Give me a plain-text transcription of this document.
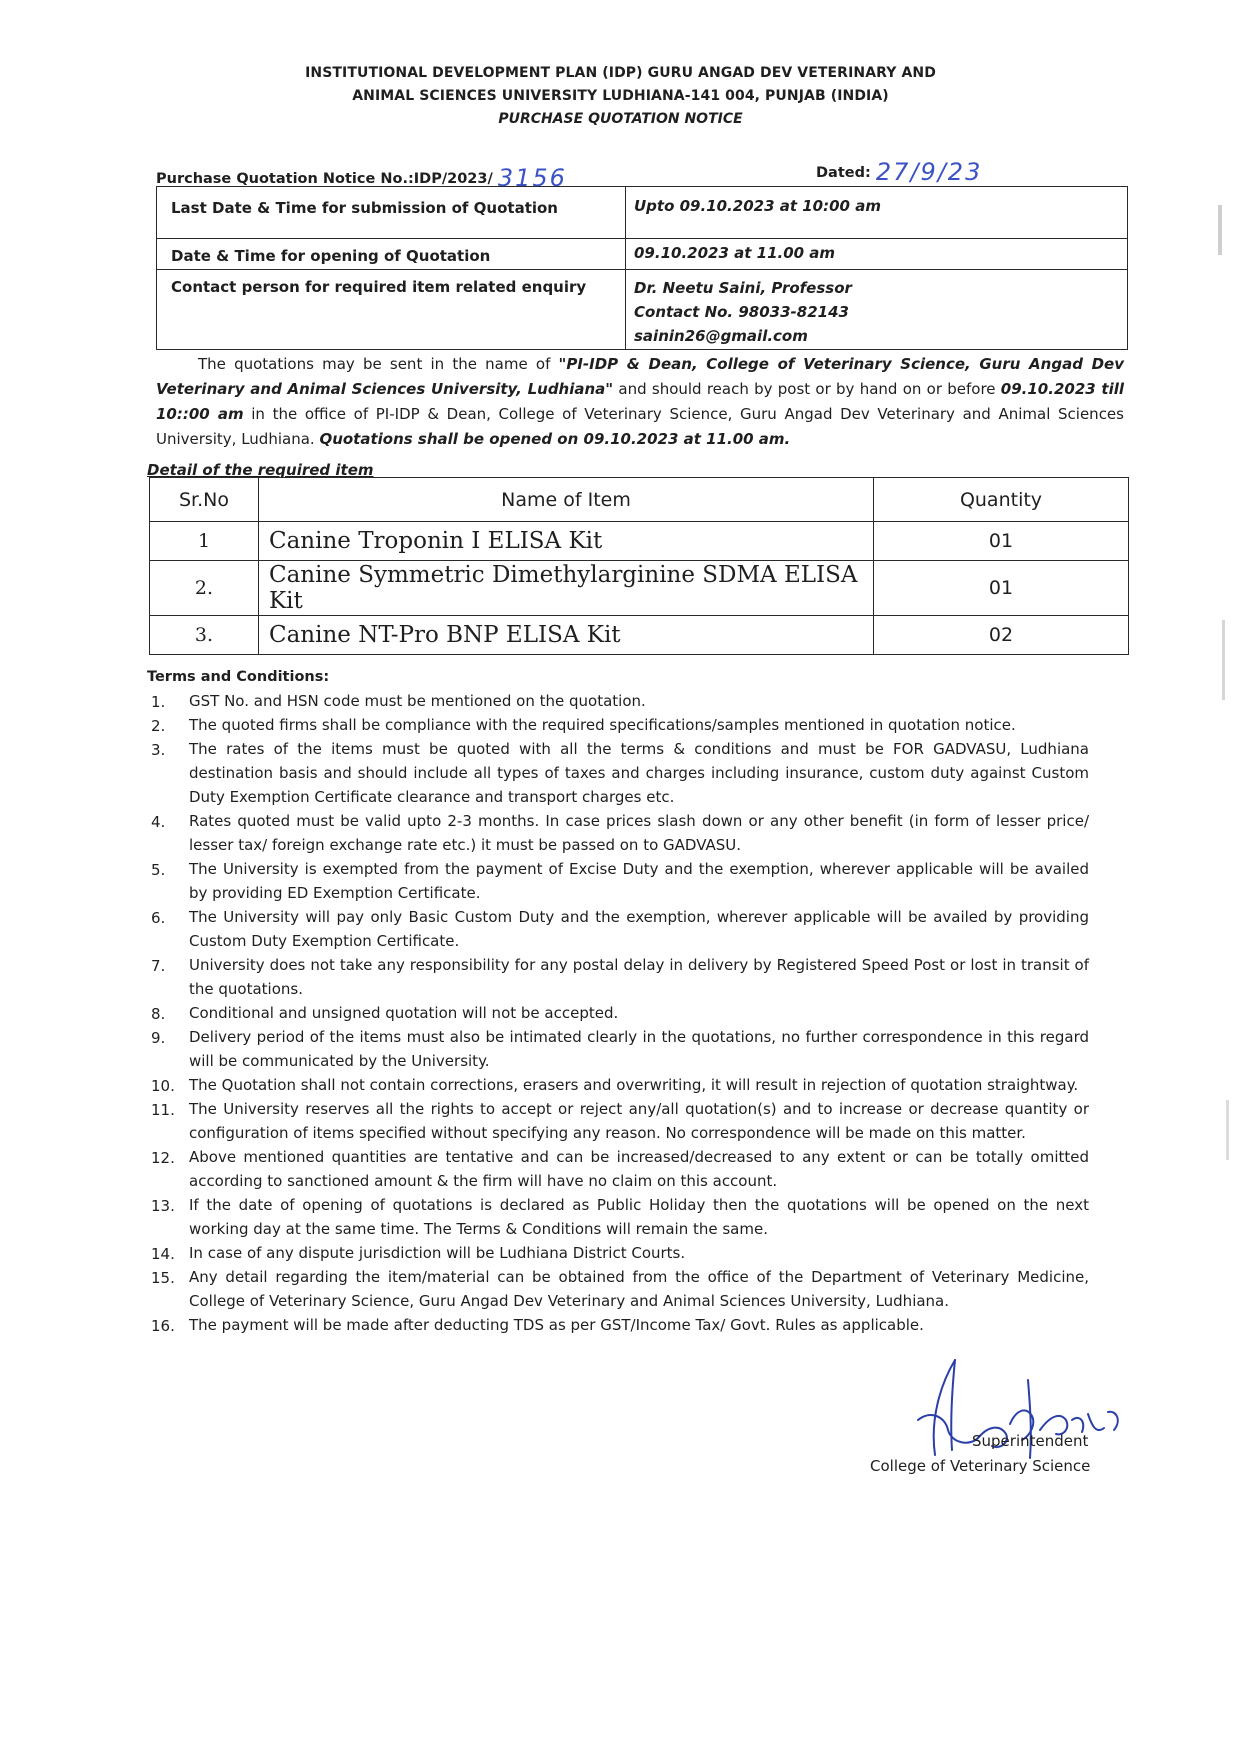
INSTITUTIONAL DEVELOPMENT PLAN (IDP) GURU ANGAD DEV VETERINARY AND
ANIMAL SCIENCES UNIVERSITY LUDHIANA-141 004, PUNJAB (INDIA)
PURCHASE QUOTATION NOTICE
Purchase Quotation Notice No.:IDP/2023/ 3156	Dated: 27/9/23
Last Date & Time for submission of Quotation	Upto 09.10.2023 at 10:00 am

Date & Time for opening of Quotation	09.10.2023 at 11.00 am

Contact person for required item related enquiry	Dr. Neetu Saini, Professor
Contact No. 98033-82143
sainin26@gmail.com
The quotations may be sent in the name of "PI-IDP & Dean, College of Veterinary Science, Guru Angad Dev Veterinary and Animal Sciences University, Ludhiana" and should reach by post or by hand on or before 09.10.2023 till 10::00 am in the office of PI-IDP & Dean, College of Veterinary Science, Guru Angad Dev Veterinary and Animal Sciences University, Ludhiana. Quotations shall be opened on 09.10.2023 at 11.00 am.
Detail of the required item
Sr.No	Name of Item	Quantity
1	Canine Troponin I ELISA Kit	01
2.	Canine Symmetric Dimethylarginine SDMA ELISA Kit	01
3.	Canine NT-Pro BNP ELISA Kit	02
Terms and Conditions:
1. GST No. and HSN code must be mentioned on the quotation.
2. The quoted firms shall be compliance with the required specifications/samples mentioned in quotation notice.
3. The rates of the items must be quoted with all the terms & conditions and must be FOR GADVASU, Ludhiana destination basis and should include all types of taxes and charges including insurance, custom duty against Custom Duty Exemption Certificate clearance and transport charges etc.
4. Rates quoted must be valid upto 2-3 months. In case prices slash down or any other benefit (in form of lesser price/ lesser tax/ foreign exchange rate etc.) it must be passed on to GADVASU.
5. The University is exempted from the payment of Excise Duty and the exemption, wherever applicable will be availed by providing ED Exemption Certificate.
6. The University will pay only Basic Custom Duty and the exemption, wherever applicable will be availed by providing Custom Duty Exemption Certificate.
7. University does not take any responsibility for any postal delay in delivery by Registered Speed Post or lost in transit of the quotations.
8. Conditional and unsigned quotation will not be accepted.
9. Delivery period of the items must also be intimated clearly in the quotations, no further correspondence in this regard will be communicated by the University.
10. The Quotation shall not contain corrections, erasers and overwriting, it will result in rejection of quotation straightway.
11. The University reserves all the rights to accept or reject any/all quotation(s) and to increase or decrease quantity or configuration of items specified without specifying any reason. No correspondence will be made on this matter.
12. Above mentioned quantities are tentative and can be increased/decreased to any extent or can be totally omitted according to sanctioned amount & the firm will have no claim on this account.
13. If the date of opening of quotations is declared as Public Holiday then the quotations will be opened on the next working day at the same time. The Terms & Conditions will remain the same.
14. In case of any dispute jurisdiction will be Ludhiana District Courts.
15. Any detail regarding the item/material can be obtained from the office of the Department of Veterinary Medicine, College of Veterinary Science, Guru Angad Dev Veterinary and Animal Sciences University, Ludhiana.
16. The payment will be made after deducting TDS as per GST/Income Tax/ Govt. Rules as applicable.
Superintendent
College of Veterinary Science
